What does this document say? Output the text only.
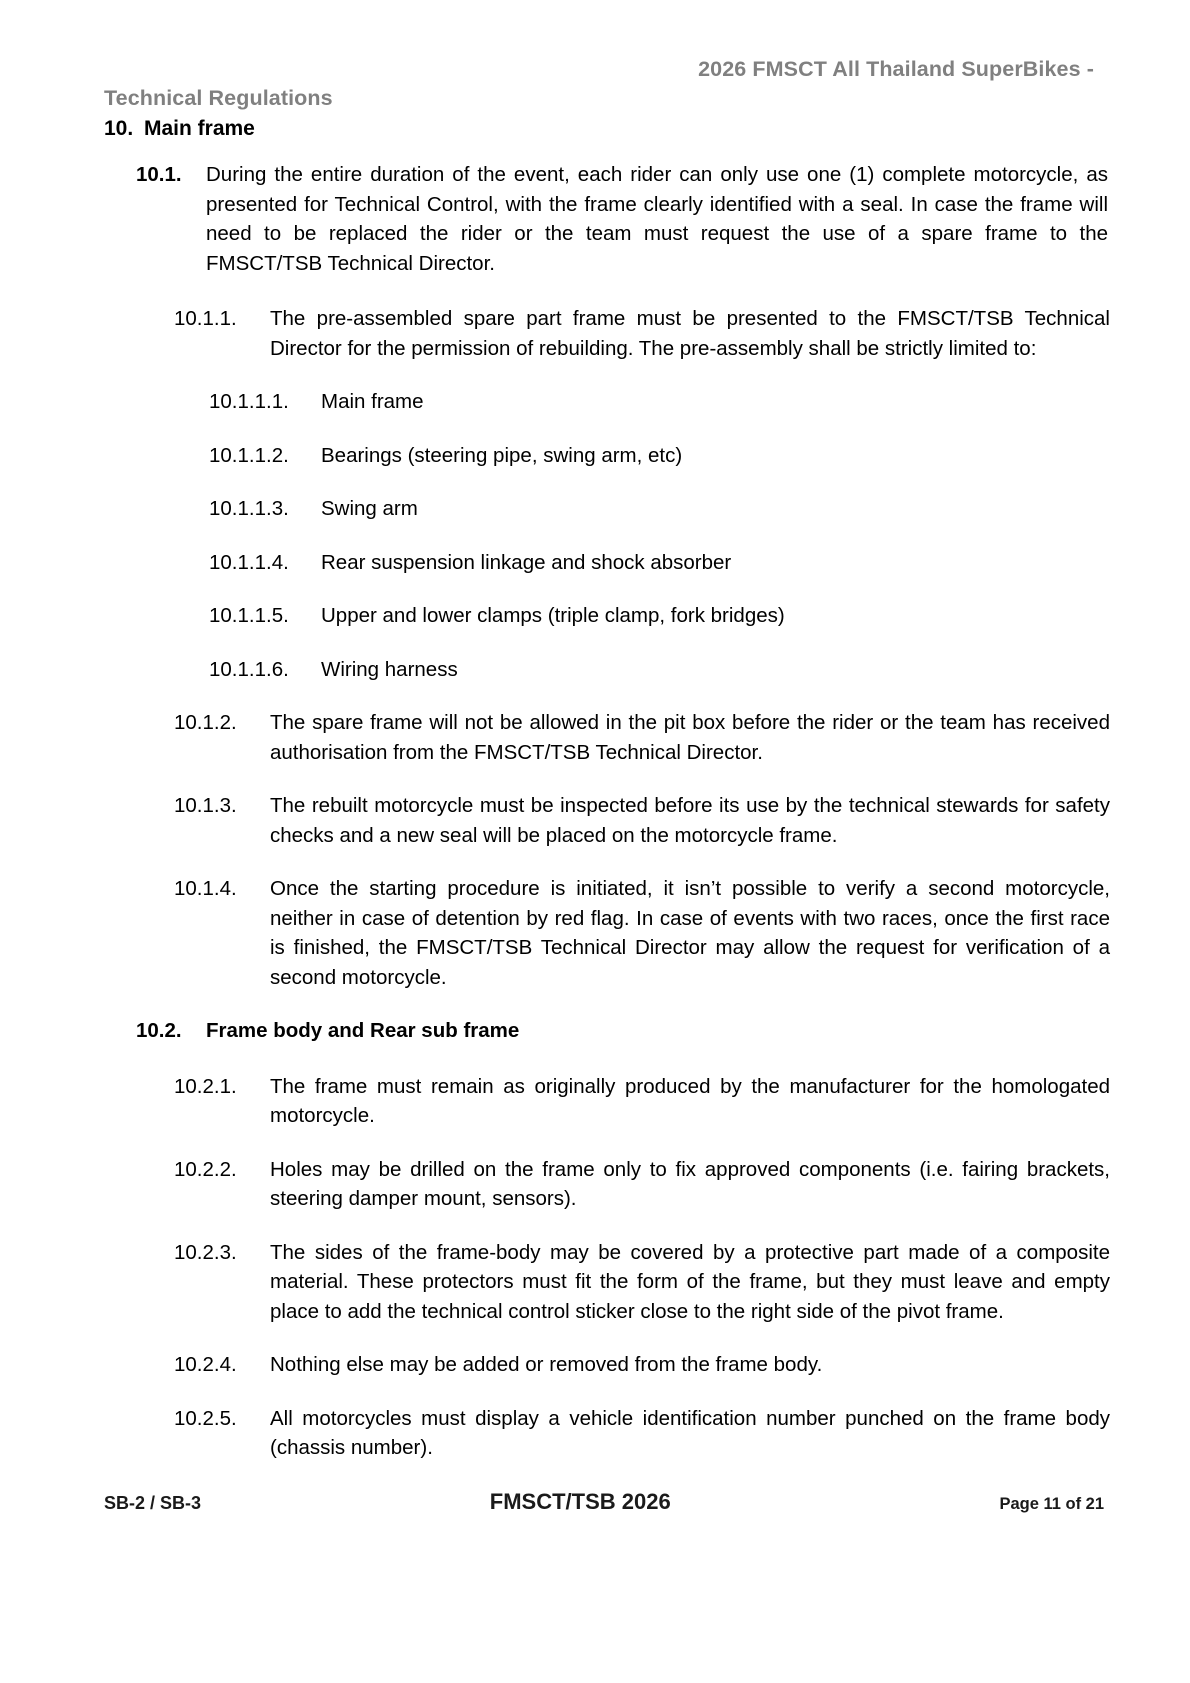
2026 FMSCT All Thailand SuperBikes -
Technical Regulations
10. Main frame
10.1.	During the entire duration of the event, each rider can only use one (1) complete motorcycle, as presented for Technical Control, with the frame clearly identified with a seal. In case the frame will need to be replaced the rider or the team must request the use of a spare frame to the FMSCT/TSB Technical Director.
10.1.1.	The pre-assembled spare part frame must be presented to the FMSCT/TSB Technical Director for the permission of rebuilding. The pre-assembly shall be strictly limited to:
10.1.1.1.	Main frame
10.1.1.2.	Bearings (steering pipe, swing arm, etc)
10.1.1.3.	Swing arm
10.1.1.4.	Rear suspension linkage and shock absorber
10.1.1.5.	Upper and lower clamps (triple clamp, fork bridges)
10.1.1.6.	Wiring harness
10.1.2.	The spare frame will not be allowed in the pit box before the rider or the team has received authorisation from the FMSCT/TSB Technical Director.
10.1.3.	The rebuilt motorcycle must be inspected before its use by the technical stewards for safety checks and a new seal will be placed on the motorcycle frame.
10.1.4.	Once the starting procedure is initiated, it isn’t possible to verify a second motorcycle, neither in case of detention by red flag. In case of events with two races, once the first race is finished, the FMSCT/TSB Technical Director may allow the request for verification of a second motorcycle.
10.2.	Frame body and Rear sub frame
10.2.1.	The frame must remain as originally produced by the manufacturer for the homologated motorcycle.
10.2.2.	Holes may be drilled on the frame only to fix approved components (i.e. fairing brackets, steering damper mount, sensors).
10.2.3.	The sides of the frame-body may be covered by a protective part made of a composite material. These protectors must fit the form of the frame, but they must leave and empty place to add the technical control sticker close to the right side of the pivot frame.
10.2.4.	Nothing else may be added or removed from the frame body.
10.2.5.	All motorcycles must display a vehicle identification number punched on the frame body (chassis number).
SB-2 / SB-3	FMSCT/TSB 2026	Page 11 of 21
